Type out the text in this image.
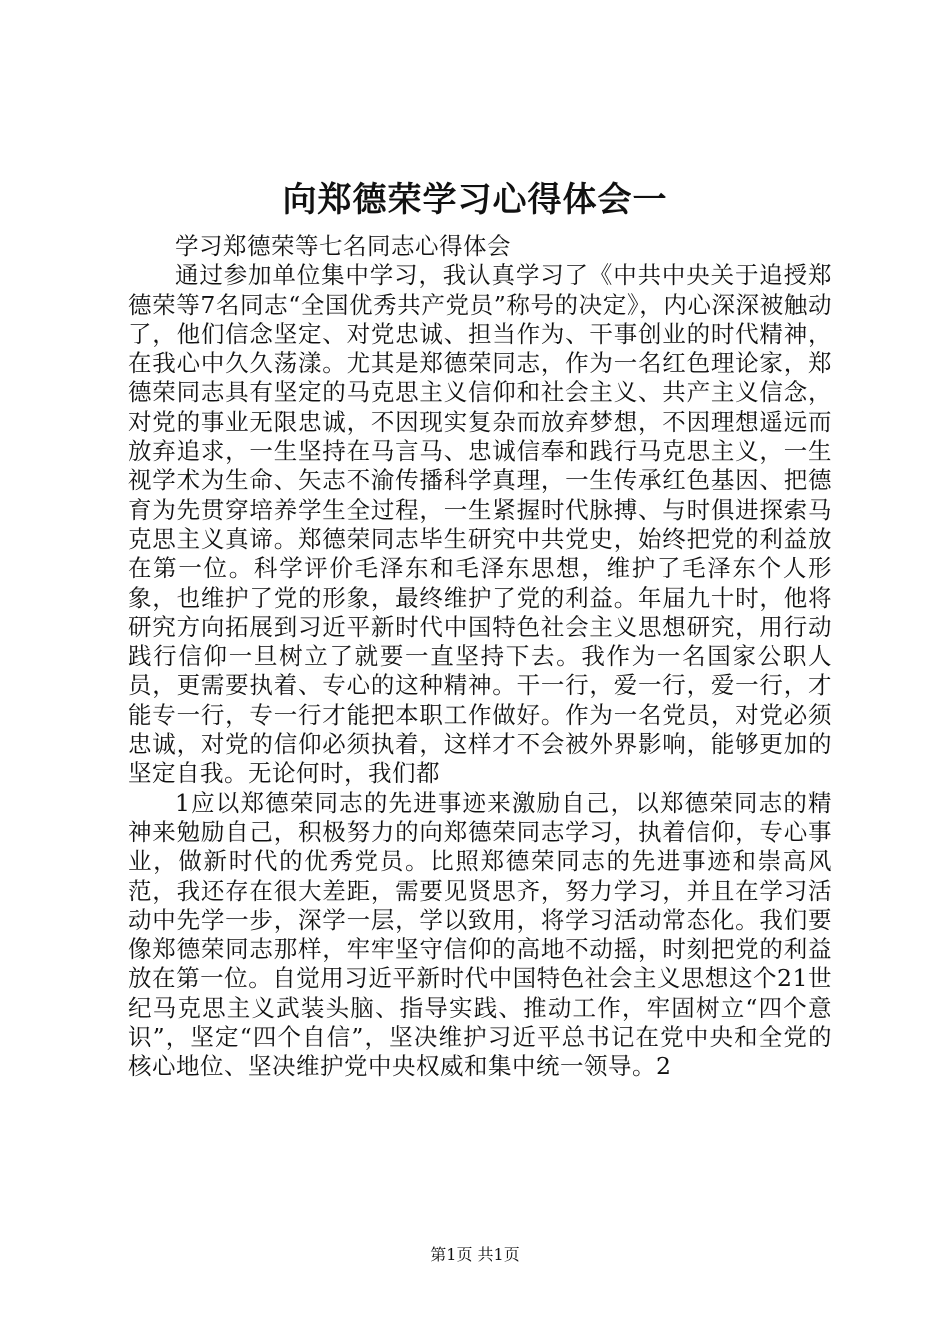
向郑德荣学习心得体会一

学习郑德荣等七名同志心得体会

通过参加单位集中学习，我认真学习了《中共中央关于追授郑德荣等7名同志“全国优秀共产党员”称号的决定》，内心深深被触动了，他们信念坚定、对党忠诚、担当作为、干事创业的时代精神，在我心中久久荡漾。尤其是郑德荣同志，作为一名红色理论家，郑德荣同志具有坚定的马克思主义信仰和社会主义、共产主义信念，对党的事业无限忠诚，不因现实复杂而放弃梦想，不因理想遥远而放弃追求，一生坚持在马言马、忠诚信奉和践行马克思主义，一生视学术为生命、矢志不渝传播科学真理，一生传承红色基因、把德育为先贯穿培养学生全过程，一生紧握时代脉搏、与时俱进探索马克思主义真谛。郑德荣同志毕生研究中共党史，始终把党的利益放在第一位。科学评价毛泽东和毛泽东思想，维护了毛泽东个人形象，也维护了党的形象，最终维护了党的利益。年届九十时，他将研究方向拓展到习近平新时代中国特色社会主义思想研究，用行动践行信仰一旦树立了就要一直坚持下去。我作为一名国家公职人员，更需要执着、专心的这种精神。干一行，爱一行，爱一行，才能专一行，专一行才能把本职工作做好。作为一名党员，对党必须忠诚，对党的信仰必须执着，这样才不会被外界影响，能够更加的坚定自我。无论何时，我们都

1应以郑德荣同志的先进事迹来激励自己，以郑德荣同志的精神来勉励自己，积极努力的向郑德荣同志学习，执着信仰，专心事业，做新时代的优秀党员。比照郑德荣同志的先进事迹和崇高风范，我还存在很大差距，需要见贤思齐，努力学习，并且在学习活动中先学一步，深学一层，学以致用，将学习活动常态化。我们要像郑德荣同志那样，牢牢坚守信仰的高地不动摇，时刻把党的利益放在第一位。自觉用习近平新时代中国特色社会主义思想这个21世纪马克思主义武装头脑、指导实践、推动工作，牢固树立“四个意识”，坚定“四个自信”，坚决维护习近平总书记在党中央和全党的核心地位、坚决维护党中央权威和集中统一领导。2

第1页 共1页
